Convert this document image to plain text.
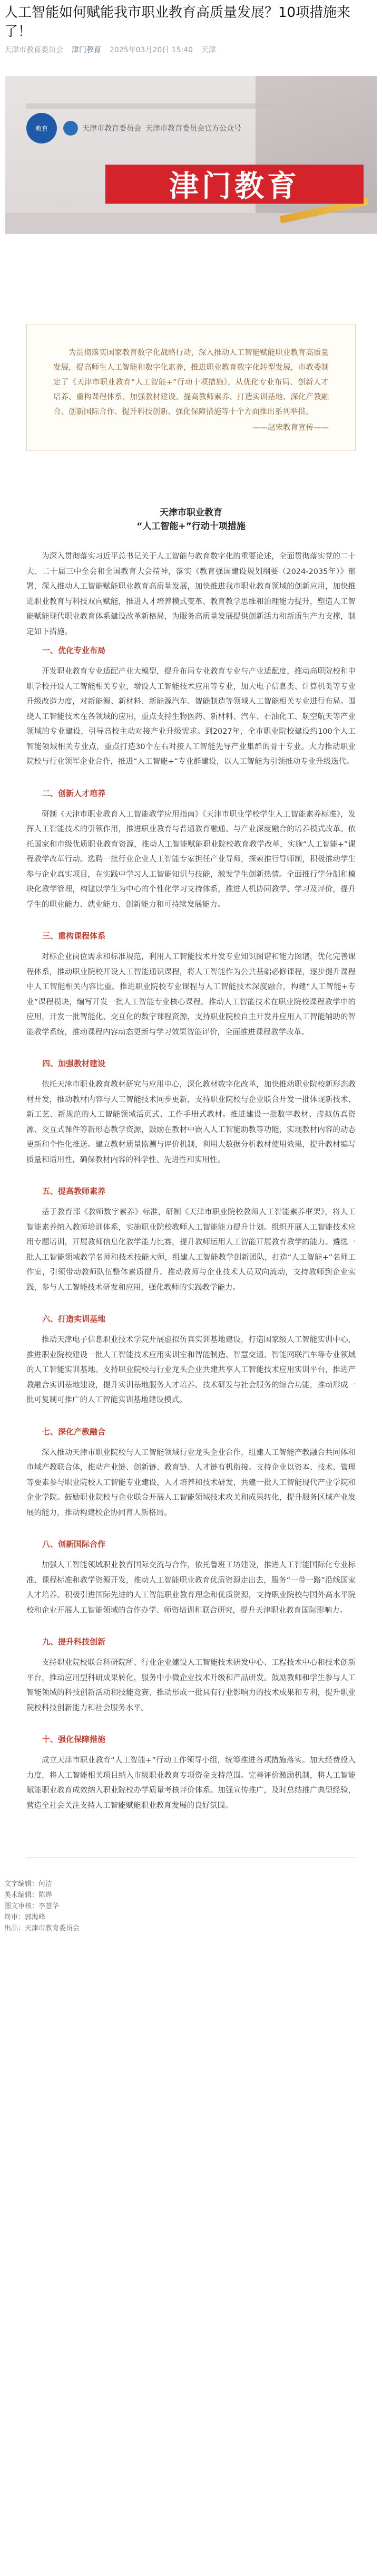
人工智能如何赋能我市职业教育高质量发展？10项措施来了！
天津市教育委员会 津门教育 2025年03月20日 15:40 天津
教育	天津市教育委员会 天津市教育委员会官方公众号
津门教育

为贯彻落实国家教育数字化战略行动，深入推动人工智能赋能职业教育高质量发展，提高师生人工智能和数字化素养，推进职业教育数字化转型发展，市教委制定了《天津市职业教育“人工智能+”行动十项措施》，从优化专业布局、创新人才培养、重构课程体系、加强教材建设、提高教师素养、打造实训基地、深化产教融合、创新国际合作、提升科技创新、强化保障措施等十个方面推出系列举措。

——赵宋教育宣传——
天津市职业教育
“人工智能+”行动十项措施

为深入贯彻落实习近平总书记关于人工智能与教育数字化的重要论述，全面贯彻落实党的二十大、二十届三中全会和全国教育大会精神，落实《教育强国建设规划纲要（2024-2035年）》部署，深入推动人工智能赋能职业教育高质量发展，加快推进我市职业教育领域的创新应用，加快推进职业教育与科技双向赋能，推进人才培养模式变革、教育教学思维和治理能力提升，塑造人工智能赋能现代职业教育体系建设改革新格局，为服务高质量发展提供创新活力和新质生产力支撑，制定如下措施。

一、优化专业布局

开发职业教育专业适配产业大模型，提升布局专业教育专业与产业适配度，推动高职院校和中职学校开设人工智能相关专业，增设人工智能技术应用等专业，加大电子信息类、计算机类等专业升级改造力度，对新能源、新材料、新能源汽车、智能制造等领域人工智能相关专业进行布局。围绕人工智能技术在各领域的应用，重点支持生物医药、新材料、汽车、石油化工、航空航天等产业领域的专业建设，引导高校主动对接产业升级需求。到2027年，全市职业院校建设约100个人工智能领域相关专业点，重点打造30个左右对接人工智能先导产业集群的骨干专业。大力推动职业院校与行业领军企业合作，推进“人工智能+”专业群建设，以人工智能为引领推动专业升级迭代。

二、创新人才培养

研制《天津市职业教育人工智能教学应用指南》《天津市职业学校学生人工智能素养标准》，发挥人工智能技术的引领作用，推进职业教育与普通教育融通、与产业深度融合的培养模式改革。依托国家和市级优质职业教育资源，推动人工智能赋能职业院校教育教学改革，实施“人工智能+”课程教学改革行动。选聘一批行业企业人工智能专家担任产业导师，探索推行导师制，积极推动学生参与企业真实项目，在实践中学习人工智能知识与技能，激发学生创新热情。全面推行学分制和模块化教学管理，构建以学生为中心的个性化学习支持体系，推进人机协同教学、学习及评价，提升学生的职业能力、就业能力、创新能力和可持续发展能力。

三、重构课程体系

对标企业岗位需求和标准规范，利用人工智能技术开发专业知识图谱和能力图谱，优化完善课程体系，推动职业院校开设人工智能通识课程，将人工智能作为公共基础必修课程，逐步提升课程中人工智能相关内容比重。推进职业院校专业课程与人工智能技术深度融合，构建“人工智能+专业”课程模块，编写开发一批人工智能专业核心课程。推动人工智能技术在职业院校课程教学中的应用，开发一批智能化、交互化的数字课程资源，支持职业院校自主开发并应用人工智能辅助的智能教学系统，推动课程内容动态更新与学习效果智能评价，全面推进课程教学改革。

四、加强教材建设

依托天津市职业教育教材研究与应用中心，深化教材数字化改革，加快推动职业院校新形态教材开发，推动教材内容与人工智能技术同步更新，支持职业院校与企业联合开发一批体现新技术、新工艺、新规范的人工智能领域活页式、工作手册式教材。推进建设一批数字教材、虚拟仿真资源、交互式课件等新形态教学资源，鼓励在教材中嵌入人工智能助教等功能，实现教材内容的动态更新和个性化推送。建立教材质量监测与评价机制，利用大数据分析教材使用效果，提升教材编写质量和适用性，确保教材内容的科学性、先进性和实用性。

五、提高教师素养

基于教育部《教师数字素养》标准，研制《天津市职业院校教师人工智能素养框架》，将人工智能素养纳入教师培训体系，实施职业院校教师人工智能能力提升计划。组织开展人工智能技术应用专题培训，开展教师信息化教学能力比赛，提升教师运用人工智能开展教育教学的能力。遴选一批人工智能领域教学名师和技术技能大师，组建人工智能教学创新团队，打造“人工智能+”名师工作室，引领带动教师队伍整体素质提升。推动教师与企业技术人员双向流动，支持教师到企业实践，参与人工智能技术研发和应用，强化教师的实践教学能力。

六、打造实训基地

推动天津电子信息职业技术学院开展虚拟仿真实训基地建设，打造国家级人工智能实训中心，推进职业院校建设一批人工智能技术应用实训室和智能制造、智慧交通、智能网联汽车等专业领域的人工智能实训基地。支持职业院校与行业龙头企业共建共享人工智能技术应用实训平台，推进产教融合实训基地建设，提升实训基地服务人才培养、技术研发与社会服务的综合功能，推动形成一批可复制可推广的人工智能实训基地建设模式。

七、深化产教融合

深入推动天津市职业院校与人工智能领域行业龙头企业合作，组建人工智能产教融合共同体和市域产教联合体，推动产业链、创新链、教育链、人才链有机衔接。支持企业以资本、技术、管理等要素参与职业院校人工智能专业建设、人才培养和技术研发，共建一批人工智能现代产业学院和企业学院。鼓励职业院校与企业联合开展人工智能领域技术攻关和成果转化，提升服务区域产业发展的能力，推动构建校企协同育人新格局。

八、创新国际合作

加强人工智能领域职业教育国际交流与合作，依托鲁班工坊建设，推进人工智能国际化专业标准、课程标准和教学资源开发，推动人工智能职业教育优质资源走出去，服务“一带一路”沿线国家人才培养。积极引进国际先进的人工智能职业教育理念和优质资源，支持职业院校与国外高水平院校和企业开展人工智能领域的合作办学、师资培训和联合研究，提升天津职业教育国际影响力。

九、提升科技创新

支持职业院校联合科研院所、行业企业建设人工智能技术研发中心、工程技术中心和技术创新平台，推动应用型科研成果转化，服务中小微企业技术升级和产品研发。鼓励教师和学生参与人工智能领域的科技创新活动和技能竞赛，推动形成一批具有行业影响力的技术成果和专利，提升职业院校科技创新能力和社会服务水平。

十、强化保障措施

成立天津市职业教育“人工智能+”行动工作领导小组，统筹推进各项措施落实。加大经费投入力度，将人工智能相关项目纳入市级职业教育专项资金支持范围。完善评价激励机制，将人工智能赋能职业教育成效纳入职业院校办学质量考核评价体系。加强宣传推广，及时总结推广典型经验，营造全社会关注支持人工智能赋能职业教育发展的良好氛围。

文字编辑：何洁
美术编辑：陈烨
图文审核：李慧华
终审：郭海峰
出品：天津市教育委员会
